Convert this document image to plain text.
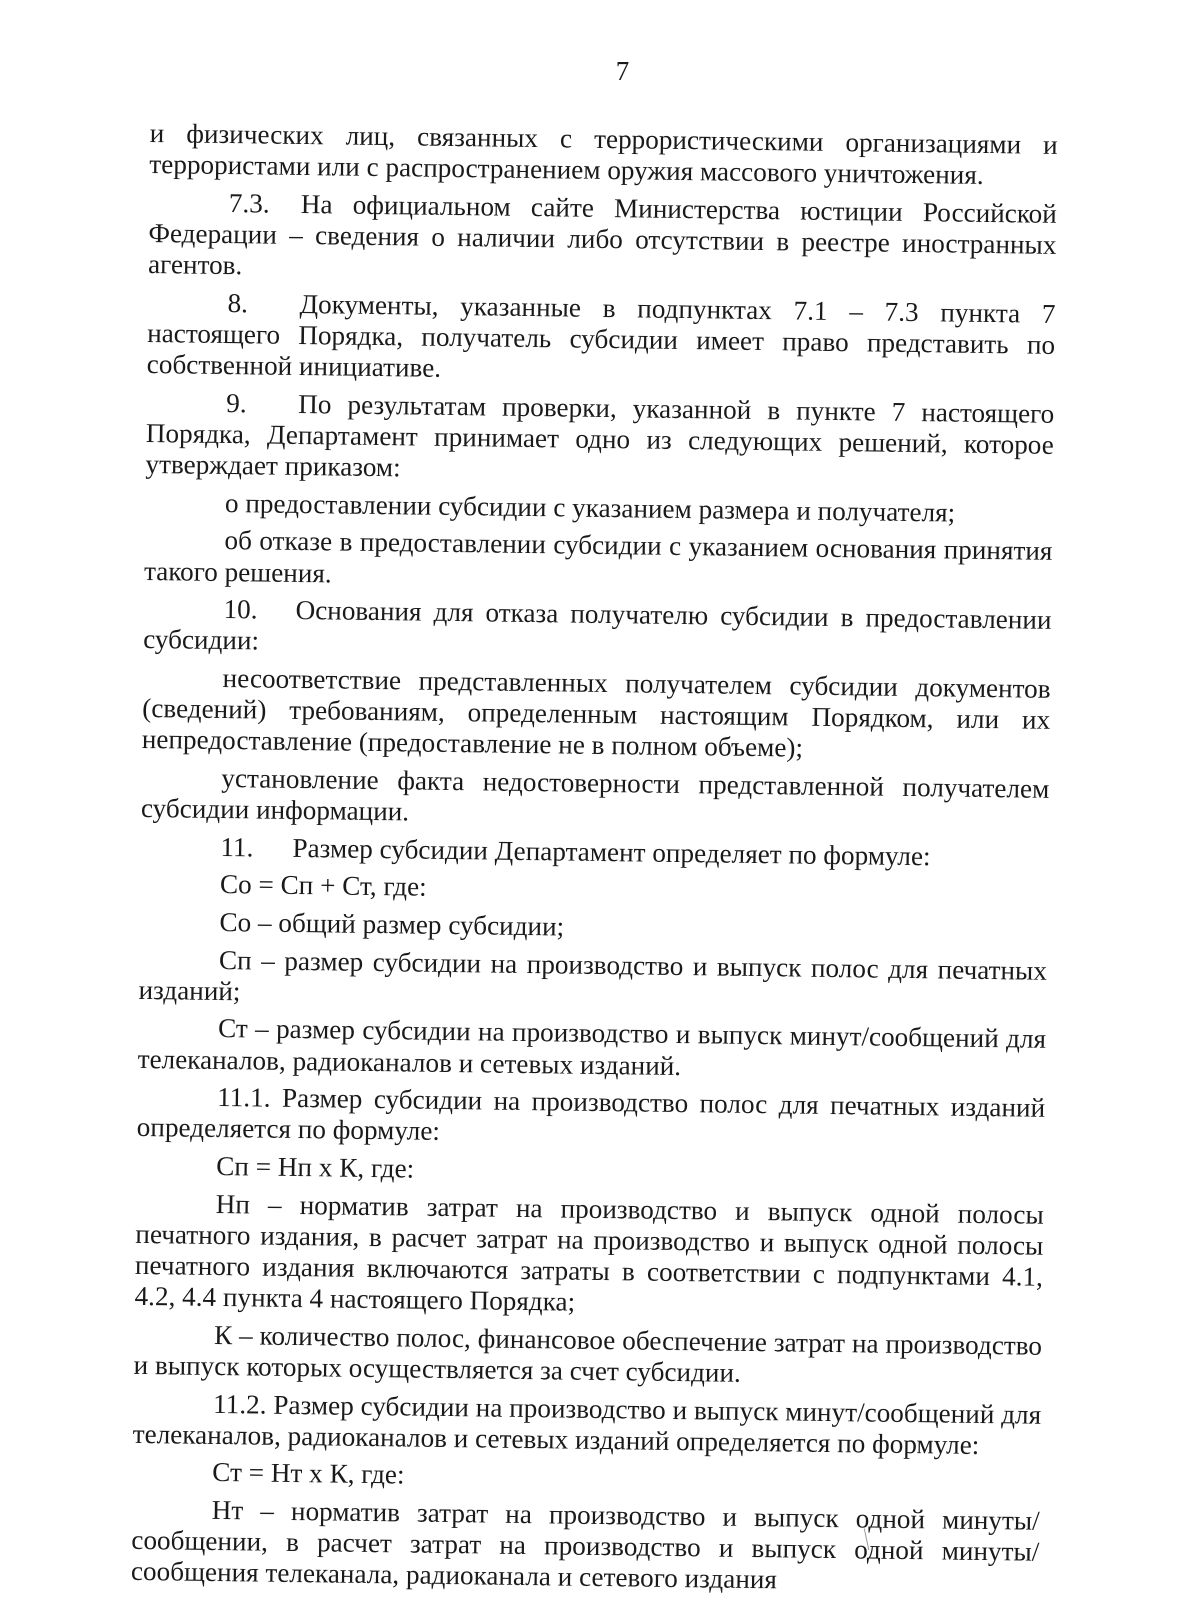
7

и физических лиц, связанных с террористическими организациями и террористами или с распространением оружия массового уничтожения.

7.3. На официальном сайте Министерства юстиции Российской Федерации – сведения о наличии либо отсутствии в реестре иностранных агентов.

8. Документы, указанные в подпунктах 7.1 – 7.3 пункта 7 настоящего Порядка, получатель субсидии имеет право представить по собственной инициативе.

9. По результатам проверки, указанной в пункте 7 настоящего Порядка, Департамент принимает одно из следующих решений, которое утверждает приказом:

о предоставлении субсидии с указанием размера и получателя;

об отказе в предоставлении субсидии с указанием основания принятия такого решения.

10. Основания для отказа получателю субсидии в предоставлении субсидии:

несоответствие представленных получателем субсидии документов (сведений) требованиям, определенным настоящим Порядком, или их непредоставление (предоставление не в полном объеме);

установление факта недостоверности представленной получателем субсидии информации.

11. Размер субсидии Департамент определяет по формуле:

Со = Сп + Ст, где:

Со – общий размер субсидии;

Сп – размер субсидии на производство и выпуск полос для печатных изданий;

Ст – размер субсидии на производство и выпуск минут/сообщений для телеканалов, радиоканалов и сетевых изданий.

11.1. Размер субсидии на производство полос для печатных изданий определяется по формуле:

Сп = Нп х К, где:

Нп – норматив затрат на производство и выпуск одной полосы печатного издания, в расчет затрат на производство и выпуск одной полосы печатного издания включаются затраты в соответствии с подпунктами 4.1, 4.2, 4.4 пункта 4 настоящего Порядка;

К – количество полос, финансовое обеспечение затрат на производство и выпуск которых осуществляется за счет субсидии.

11.2. Размер субсидии на производство и выпуск минут/сообщений для телеканалов, радиоканалов и сетевых изданий определяется по формуле:

Ст = Нт х К, где:

Нт – норматив затрат на производство и выпуск одной минуты/сообщении, в расчет затрат на производство и выпуск одной минуты/сообщения телеканала, радиоканала и сетевого издания
